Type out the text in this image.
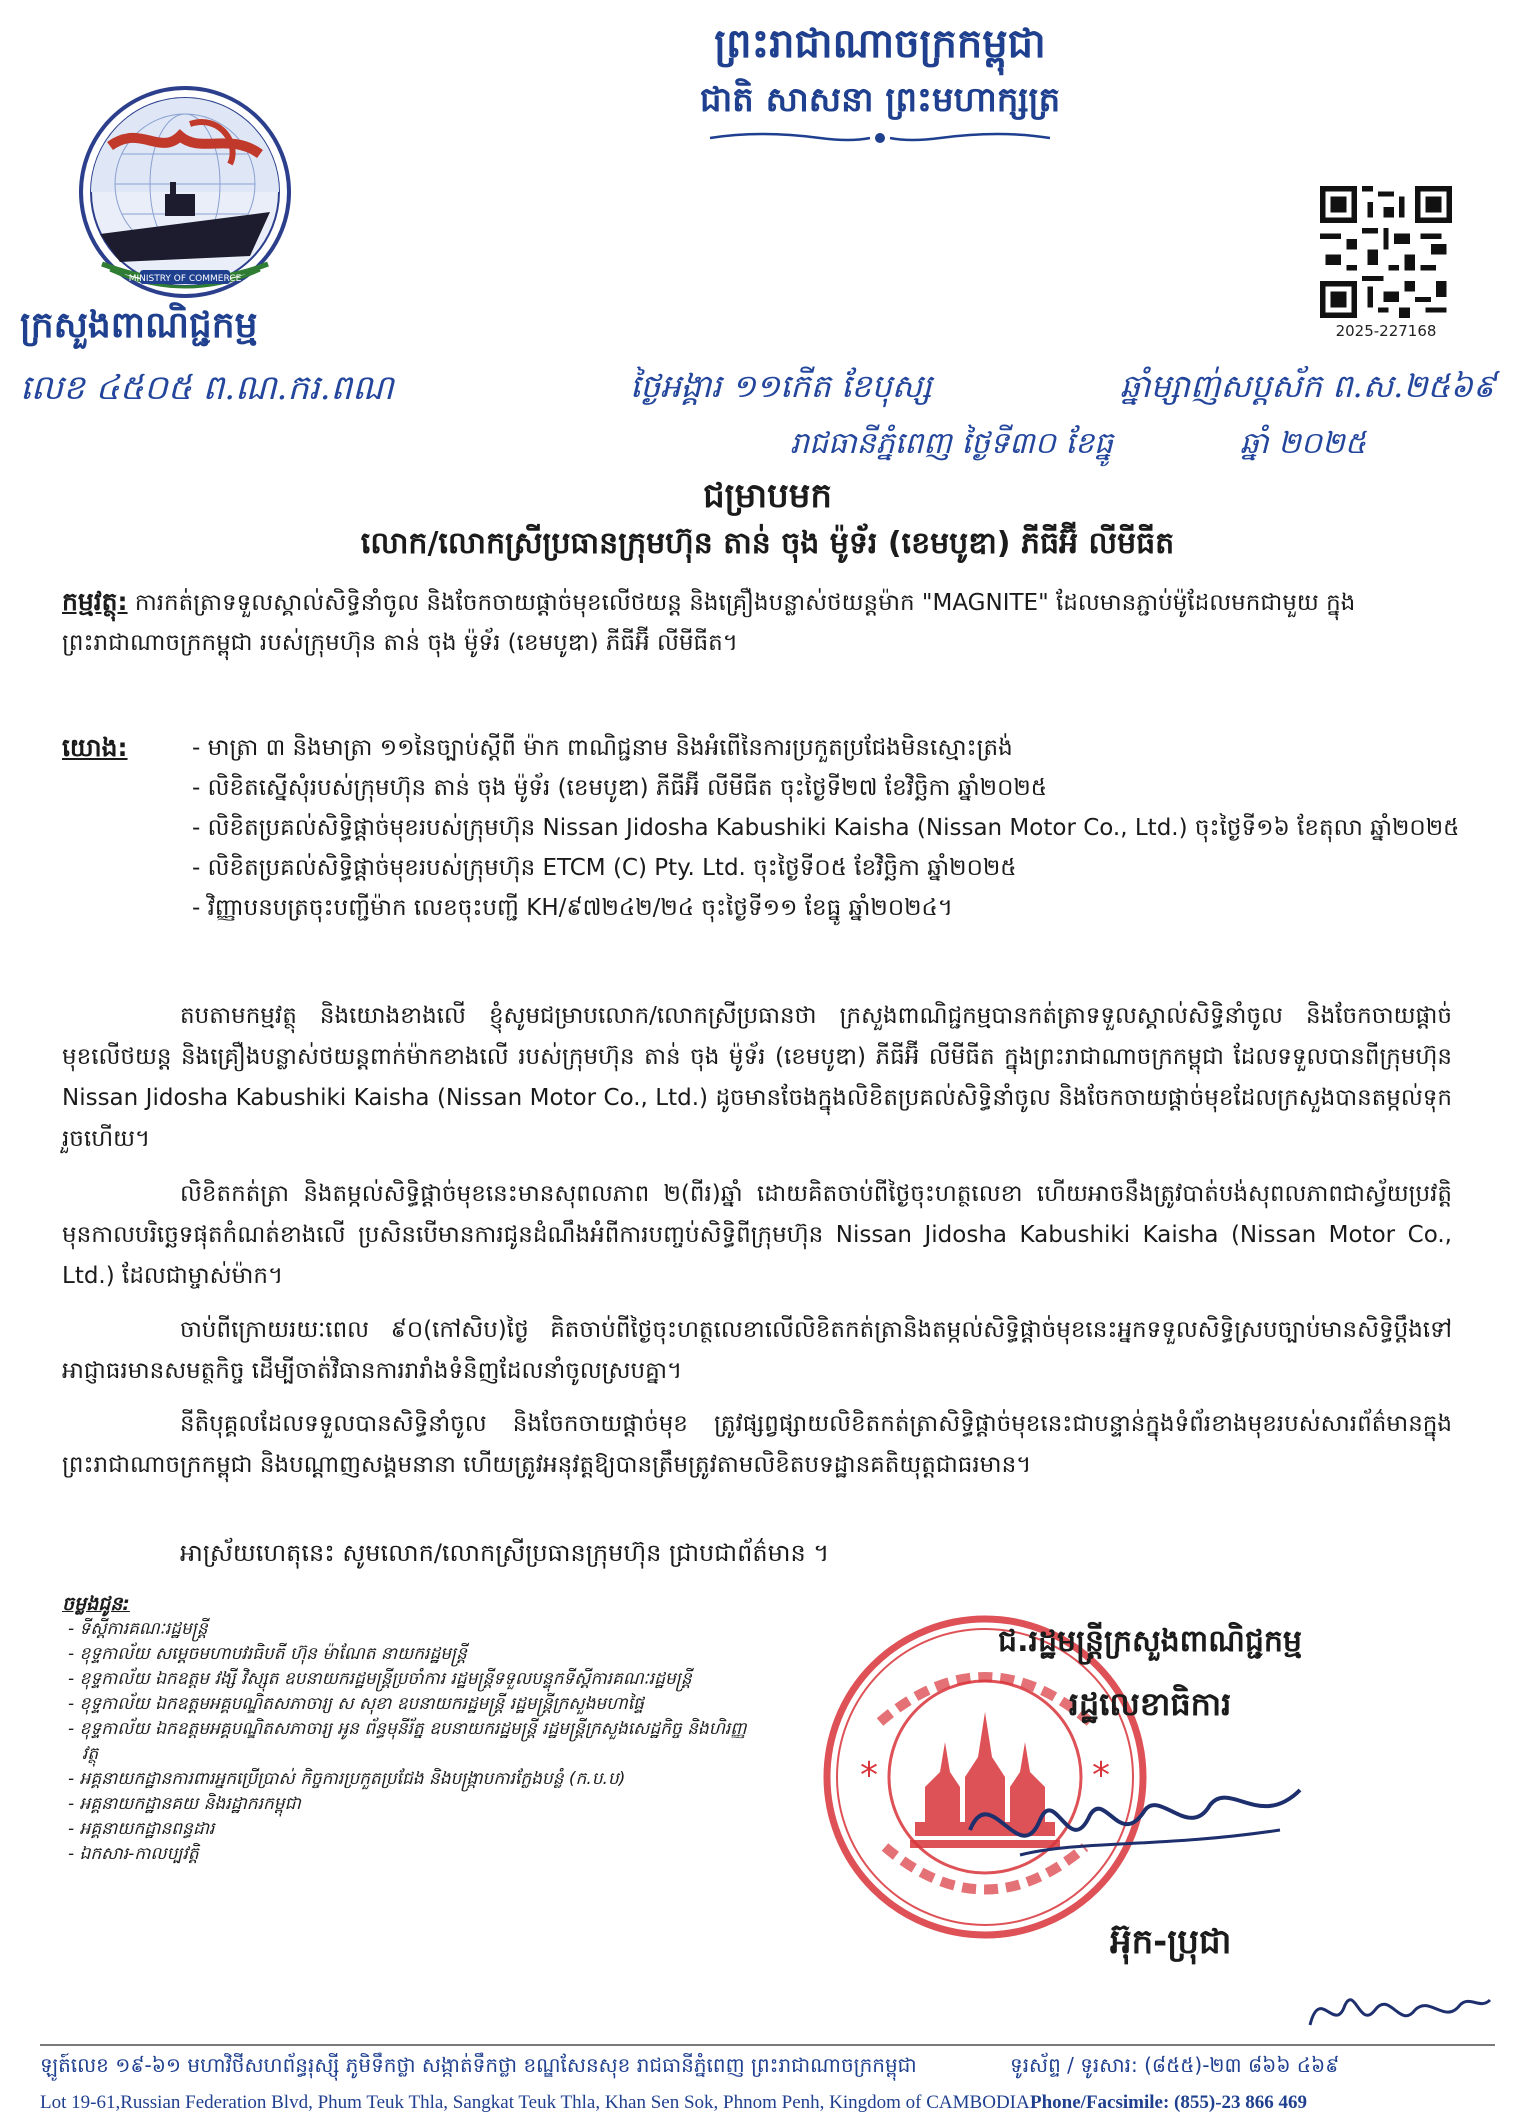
ព្រះរាជាណាចក្រកម្ពុជា
ជាតិ សាសនា ព្រះមហាក្សត្រ
MINISTRY OF COMMERCE
ក្រសួងពាណិជ្ជកម្ម
លេខ ៤៥០៥ ព.ណ.ករ.ពណ
2025-227168
ថ្ងៃអង្គារ ១១កើត ខែបុស្ស	ឆ្នាំម្សាញ់សប្តស័ក ព.ស.២៥៦៩
រាជធានីភ្នំពេញ ថ្ងៃទី៣០ ខែធ្នូ	ឆ្នាំ ២០២៥
ជម្រាបមក
លោក/លោកស្រីប្រធានក្រុមហ៊ុន តាន់ ចុង ម៉ូទ័រ (ខេមបូឌា) ភីធីអ៊ី លីមីធីត
កម្មវត្ថុ: ការកត់ត្រាទទួលស្គាល់សិទ្ធិនាំចូល និងចែកចាយផ្តាច់មុខលើថយន្ត និងគ្រឿងបន្លាស់ថយន្តម៉ាក "MAGNITE" ដែលមានភ្ជាប់ម៉ូដែលមកជាមួយ ក្នុងព្រះរាជាណាចក្រកម្ពុជា របស់ក្រុមហ៊ុន តាន់ ចុង ម៉ូទ័រ (ខេមបូឌា) ភីធីអ៊ី លីមីធីត។
យោង:	- មាត្រា ៣ និងមាត្រា ១១នៃច្បាប់ស្តីពី ម៉ាក ពាណិជ្ជនាម និងអំពើនៃការប្រកួតប្រជែងមិនស្មោះត្រង់
- លិខិតស្នើសុំរបស់ក្រុមហ៊ុន តាន់ ចុង ម៉ូទ័រ (ខេមបូឌា) ភីធីអ៊ី លីមីធីត ចុះថ្ងៃទី២៧ ខែវិច្ឆិកា ឆ្នាំ២០២៥
- លិខិតប្រគល់សិទ្ធិផ្តាច់មុខរបស់ក្រុមហ៊ុន Nissan Jidosha Kabushiki Kaisha (Nissan Motor Co., Ltd.) ចុះថ្ងៃទី១៦ ខែតុលា ឆ្នាំ២០២៥
- លិខិតប្រគល់សិទ្ធិផ្តាច់មុខរបស់ក្រុមហ៊ុន ETCM (C) Pty. Ltd. ចុះថ្ងៃទី០៥ ខែវិច្ឆិកា ឆ្នាំ២០២៥
- វិញ្ញាបនបត្រចុះបញ្ជីម៉ាក លេខចុះបញ្ជី KH/៩៧២៤២/២៤ ចុះថ្ងៃទី១១ ខែធ្នូ ឆ្នាំ២០២៤។

តបតាមកម្មវត្ថុ និងយោងខាងលើ ខ្ញុំសូមជម្រាបលោក/លោកស្រីប្រធានថា ក្រសួងពាណិជ្ជកម្មបានកត់ត្រាទទួលស្គាល់សិទ្ធិនាំចូល និងចែកចាយផ្តាច់មុខលើថយន្ត និងគ្រឿងបន្លាស់ថយន្តពាក់ម៉ាកខាងលើ របស់ក្រុមហ៊ុន តាន់ ចុង ម៉ូទ័រ (ខេមបូឌា) ភីធីអ៊ី លីមីធីត ក្នុងព្រះរាជាណាចក្រកម្ពុជា ដែលទទួលបានពីក្រុមហ៊ុន Nissan Jidosha Kabushiki Kaisha (Nissan Motor Co., Ltd.) ដូចមានចែងក្នុងលិខិតប្រគល់សិទ្ធិនាំចូល និងចែកចាយផ្តាច់មុខដែលក្រសួងបានតម្កល់ទុករួចហើយ។

លិខិតកត់ត្រា និងតម្កល់សិទ្ធិផ្តាច់មុខនេះមានសុពលភាព ២(ពីរ)ឆ្នាំ ដោយគិតចាប់ពីថ្ងៃចុះហត្ថលេខា ហើយអាចនឹងត្រូវបាត់បង់សុពលភាពជាស្វ័យប្រវត្តិមុនកាលបរិច្ឆេទផុតកំណត់ខាងលើ ប្រសិនបើមានការជូនដំណឹងអំពីការបញ្ចប់សិទ្ធិពីក្រុមហ៊ុន Nissan Jidosha Kabushiki Kaisha (Nissan Motor Co., Ltd.) ដែលជាម្ចាស់ម៉ាក។

ចាប់ពីក្រោយរយៈពេល ៩០(កៅសិប)ថ្ងៃ គិតចាប់ពីថ្ងៃចុះហត្ថលេខាលើលិខិតកត់ត្រានិងតម្កល់សិទ្ធិផ្តាច់មុខនេះអ្នកទទួលសិទ្ធិស្របច្បាប់មានសិទ្ធិប្តឹងទៅអាជ្ញាធរមានសមត្ថកិច្ច ដើម្បីចាត់វិធានការរារាំងទំនិញដែលនាំចូលស្របគ្នា។

នីតិបុគ្គលដែលទទួលបានសិទ្ធិនាំចូល និងចែកចាយផ្តាច់មុខ ត្រូវផ្សព្វផ្សាយលិខិតកត់ត្រាសិទ្ធិផ្តាច់មុខនេះជាបន្ទាន់ក្នុងទំព័រខាងមុខរបស់សារព័ត៌មានក្នុងព្រះរាជាណាចក្រកម្ពុជា និងបណ្តាញសង្គមនានា ហើយត្រូវអនុវត្តឱ្យបានត្រឹមត្រូវតាមលិខិតបទដ្ឋានគតិយុត្តជាធរមាន។

អាស្រ័យហេតុនេះ សូមលោក/លោកស្រីប្រធានក្រុមហ៊ុន ជ្រាបជាព័ត៌មាន ។
ចម្លងជូន:
- ទីស្តីការគណៈរដ្ឋមន្ត្រី
- ខុទ្ទកាល័យ សម្តេចមហាបវរធិបតី ហ៊ុន ម៉ាណែត នាយករដ្ឋមន្ត្រី
- ខុទ្ទកាល័យ ឯកឧត្តម វង្សី វិស្សុត ឧបនាយករដ្ឋមន្ត្រីប្រចាំការ រដ្ឋមន្ត្រីទទួលបន្ទុកទីស្តីការគណៈរដ្ឋមន្ត្រី
- ខុទ្ទកាល័យ ឯកឧត្តមអគ្គបណ្ឌិតសភាចារ្យ ស សុខា ឧបនាយករដ្ឋមន្ត្រី រដ្ឋមន្ត្រីក្រសួងមហាផ្ទៃ
- ខុទ្ទកាល័យ ឯកឧត្តមអគ្គបណ្ឌិតសភាចារ្យ អូន ព័ន្ធមុនីរ័ត្ន ឧបនាយករដ្ឋមន្ត្រី រដ្ឋមន្ត្រីក្រសួងសេដ្ឋកិច្ច និងហិរញ្ញវត្ថុ
- អគ្គនាយកដ្ឋានការពារអ្នកប្រើប្រាស់ កិច្ចការប្រកួតប្រជែង និងបង្ក្រាបការក្លែងបន្លំ (ក.ប.ប)
- អគ្គនាយកដ្ឋានគយ និងរដ្ឋាករកម្ពុជា
- អគ្គនាយកដ្ឋានពន្ធដារ
- ឯកសារ-កាលប្បវត្តិ
*	*
ជ.រដ្ឋមន្ត្រីក្រសួងពាណិជ្ជកម្ម
រដ្ឋលេខាធិការ
អ៊ុក-ប្រុជា
ឡូត៍លេខ ១៩-៦១ មហាវិថីសហព័ន្ធរុស្ស៊ី ភូមិទឹកថ្លា សង្កាត់ទឹកថ្លា ខណ្ឌសែនសុខ រាជធានីភ្នំពេញ ព្រះរាជាណាចក្រកម្ពុជា	ទូរស័ព្ទ / ទូរសារ: (៨៥៥)-២៣ ៨៦៦ ៤៦៩
Lot 19-61,Russian Federation Blvd, Phum Teuk Thla, Sangkat Teuk Thla, Khan Sen Sok, Phnom Penh, Kingdom of CAMBODIA Phone/Facsimile: (855)-23 866 469
